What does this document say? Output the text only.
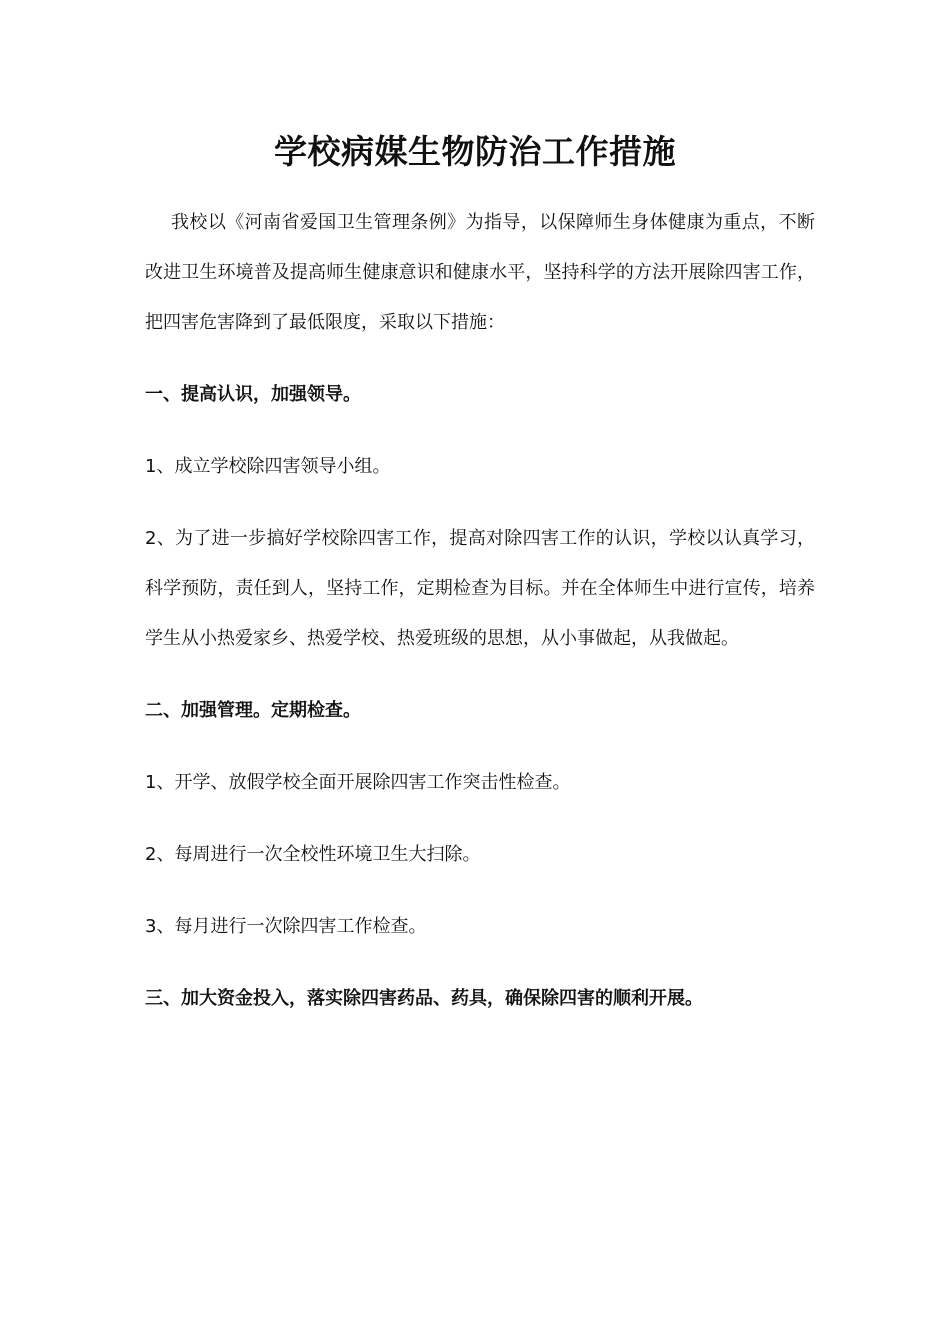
学校病媒生物防治工作措施

我校以《河南省爱国卫生管理条例》为指导，以保障师生身体健康为重点，不断改进卫生环境普及提高师生健康意识和健康水平，坚持科学的方法开展除四害工作，把四害危害降到了最低限度，采取以下措施：

一、提高认识，加强领导。

1、成立学校除四害领导小组。

2、为了进一步搞好学校除四害工作，提高对除四害工作的认识，学校以认真学习，科学预防，责任到人，坚持工作，定期检查为目标。并在全体师生中进行宣传，培养学生从小热爱家乡、热爱学校、热爱班级的思想，从小事做起，从我做起。

二、加强管理。定期检查。

1、开学、放假学校全面开展除四害工作突击性检查。

2、每周进行一次全校性环境卫生大扫除。

3、每月进行一次除四害工作检查。

三、加大资金投入，落实除四害药品、药具，确保除四害的顺利开展。
